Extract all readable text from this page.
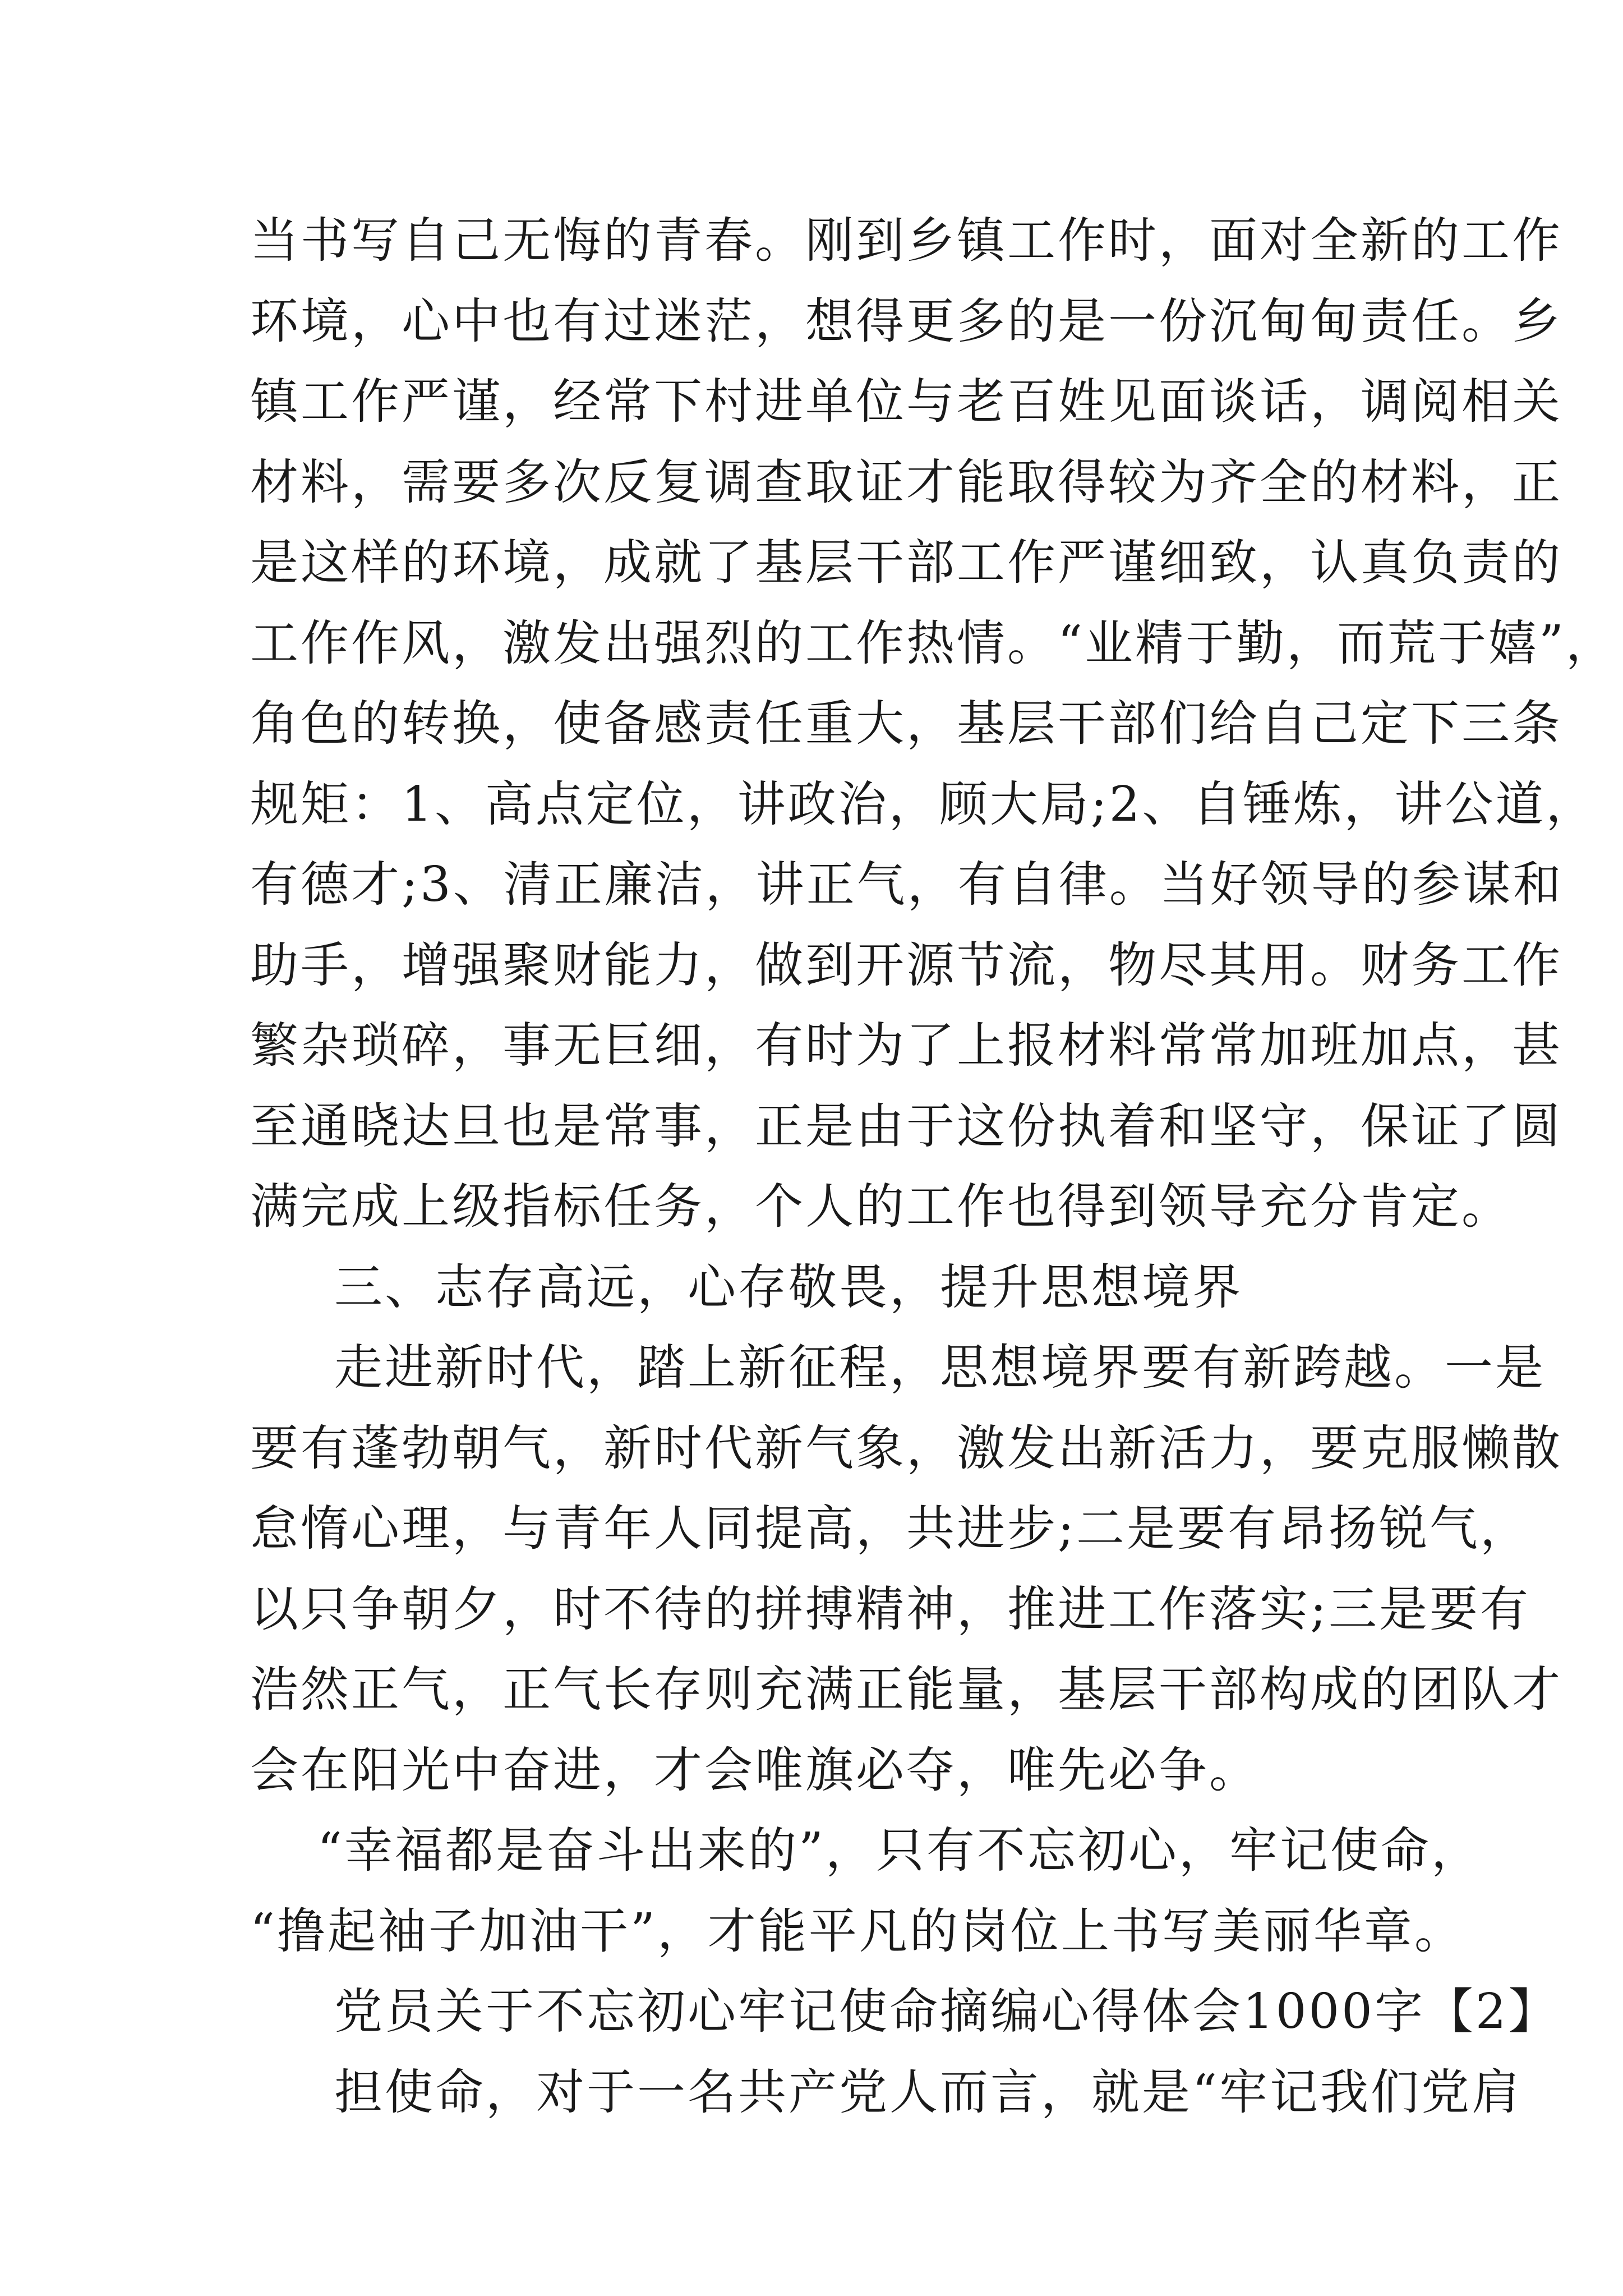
当书写自己无悔的青春。刚到乡镇工作时，面对全新的工作
环境，心中也有过迷茫，想得更多的是一份沉甸甸责任。乡
镇工作严谨，经常下村进单位与老百姓见面谈话，调阅相关
材料，需要多次反复调查取证才能取得较为齐全的材料，正
是这样的环境，成就了基层干部工作严谨细致，认真负责的
工作作风，激发出强烈的工作热情。“业精于勤，而荒于嬉”，
角色的转换，使备感责任重大，基层干部们给自己定下三条
规矩：1、高点定位，讲政治，顾大局;2、自锤炼，讲公道，
有德才;3、清正廉洁，讲正气，有自律。当好领导的参谋和
助手，增强聚财能力，做到开源节流，物尽其用。财务工作
繁杂琐碎，事无巨细，有时为了上报材料常常加班加点，甚
至通晓达旦也是常事，正是由于这份执着和坚守，保证了圆
满完成上级指标任务，个人的工作也得到领导充分肯定。
三、志存高远，心存敬畏，提升思想境界
走进新时代，踏上新征程，思想境界要有新跨越。一是
要有蓬勃朝气，新时代新气象，激发出新活力，要克服懒散
怠惰心理，与青年人同提高，共进步;二是要有昂扬锐气，
以只争朝夕，时不待的拼搏精神，推进工作落实;三是要有
浩然正气，正气长存则充满正能量，基层干部构成的团队才
会在阳光中奋进，才会唯旗必夺，唯先必争。
“幸福都是奋斗出来的”，只有不忘初心，牢记使命，
“撸起袖子加油干”，才能平凡的岗位上书写美丽华章。
党员关于不忘初心牢记使命摘编心得体会1000字【2】
担使命，对于一名共产党人而言，就是“牢记我们党肩
